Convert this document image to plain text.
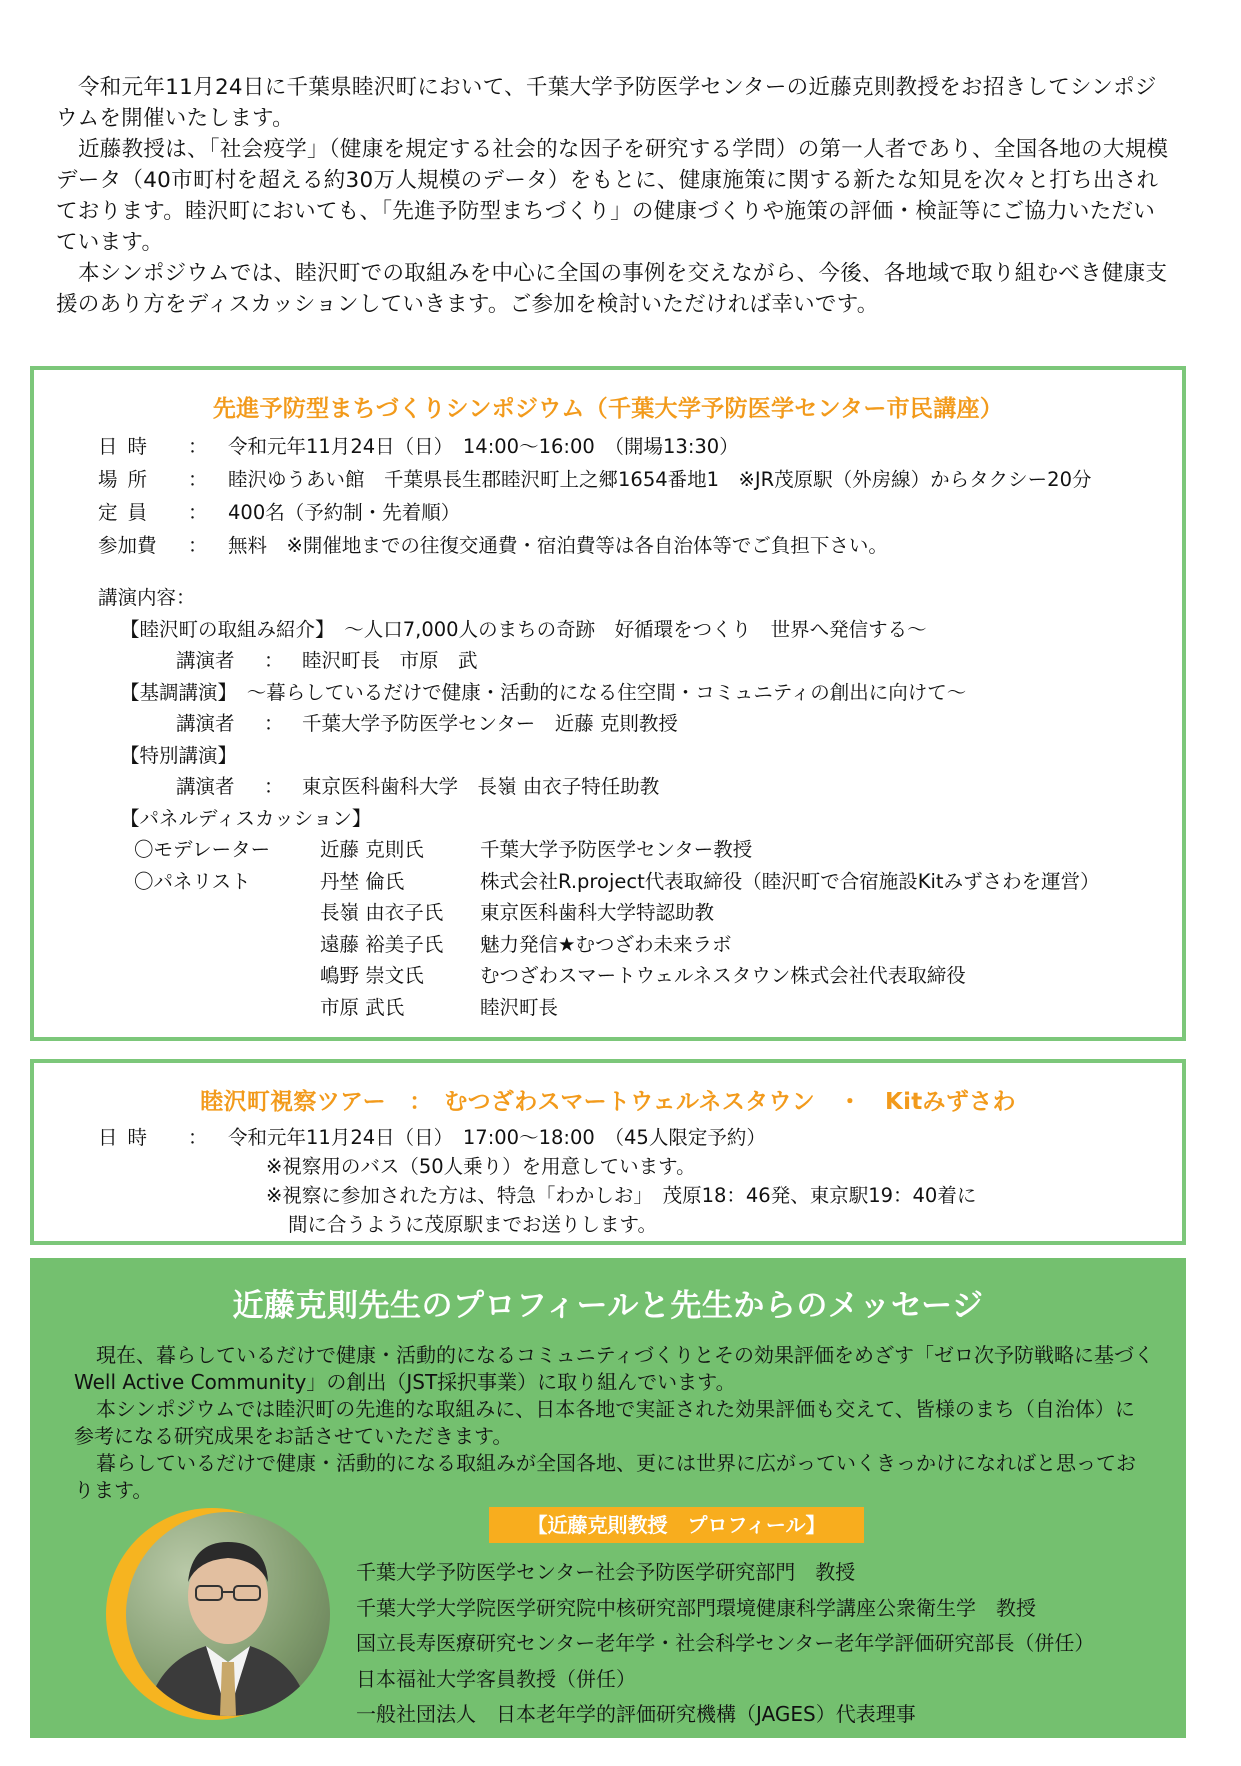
令和元年11月24日に千葉県睦沢町において、千葉大学予防医学センターの近藤克則教授をお招きしてシンポジウムを開催いたします。

近藤教授は、「社会疫学」（健康を規定する社会的な因子を研究する学問）の第一人者であり、全国各地の大規模データ（40市町村を超える約30万人規模のデータ）をもとに、健康施策に関する新たな知見を次々と打ち出されております。睦沢町においても、「先進予防型まちづくり」の健康づくりや施策の評価・検証等にご協力いただいています。

本シンポジウムでは、睦沢町での取組みを中心に全国の事例を交えながら、今後、各地域で取り組むべき健康支援のあり方をディスカッションしていきます。ご参加を検討いただければ幸いです。

先進予防型まちづくりシンポジウム（千葉大学予防医学センター市民講座）
日時	：	令和元年11月24日（日）　14:00～16:00　（開場13:30）
場所	：	睦沢ゆうあい館　千葉県長生郡睦沢町上之郷1654番地1　※JR茂原駅（外房線）からタクシー20分
定員	：	400名（予約制・先着順）
参加費	：	無料　※開催地までの往復交通費・宿泊費等は各自治体等でご負担下さい。
講演内容：
【睦沢町の取組み紹介】　～人口7,000人のまちの奇跡　好循環をつくり　世界へ発信する～
講演者	： 睦沢町長　市原　武
【基調講演】　～暮らしているだけで健康・活動的になる住空間・コミュニティの創出に向けて～
講演者	： 千葉大学予防医学センター　近藤 克則教授
【特別講演】
講演者	： 東京医科歯科大学　長嶺 由衣子特任助教
【パネルディスカッション】
〇モデレーター	近藤 克則氏	千葉大学予防医学センター教授
〇パネリスト	丹埜 倫氏	株式会社R.project代表取締役（睦沢町で合宿施設Kitみずさわを運営）
長嶺 由衣子氏	東京医科歯科大学特認助教
遠藤 裕美子氏	魅力発信★むつざわ未来ラボ
嶋野 崇文氏	むつざわスマートウェルネスタウン株式会社代表取締役
市原 武氏	睦沢町長
睦沢町視察ツアー　：　むつざわスマートウェルネスタウン　・　Kitみずさわ
日時	：	令和元年11月24日（日）　17:00～18:00　（45人限定予約）
※視察用のバス（50人乗り）を用意しています。
※視察に参加された方は、特急「わかしお」　茂原18：46発、東京駅19：40着に
間に合うように茂原駅までお送りします。
近藤克則先生のプロフィールと先生からのメッセージ

現在、暮らしているだけで健康・活動的になるコミュニティづくりとその効果評価をめざす「ゼロ次予防戦略に基づくWell Active Community」の創出（JST採択事業）に取り組んでいます。

本シンポジウムでは睦沢町の先進的な取組みに、日本各地で実証された効果評価も交えて、皆様のまち（自治体）に参考になる研究成果をお話させていただきます。

暮らしているだけで健康・活動的になる取組みが全国各地、更には世界に広がっていくきっかけになればと思っております。

【近藤克則教授　プロフィール】
千葉大学予防医学センター社会予防医学研究部門　教授
千葉大学大学院医学研究院中核研究部門環境健康科学講座公衆衛生学　教授
国立長寿医療研究センター老年学・社会科学センター老年学評価研究部長（併任）
日本福祉大学客員教授（併任）
一般社団法人　日本老年学的評価研究機構（JAGES）代表理事
